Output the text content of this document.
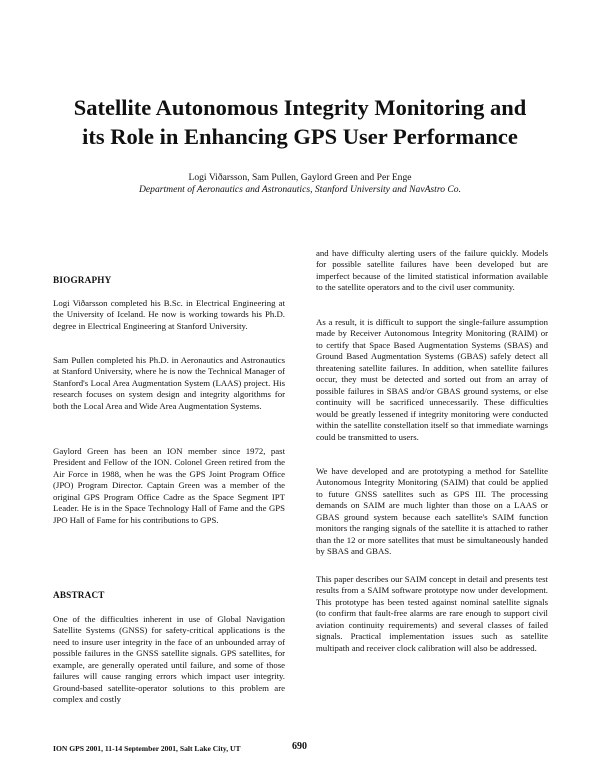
Satellite Autonomous Integrity Monitoring and
its Role in Enhancing GPS User Performance
Logi Viðarsson, Sam Pullen, Gaylord Green and Per Enge
Department of Aeronautics and Astronautics, Stanford University and NavAstro Co.
BIOGRAPHY
Logi Viðarsson completed his B.Sc. in Electrical Engineering at the University of Iceland. He now is working towards his Ph.D. degree in Electrical Engineering at Stanford University.
Sam Pullen completed his Ph.D. in Aeronautics and Astronautics at Stanford University, where he is now the Technical Manager of Stanford's Local Area Augmentation System (LAAS) project. His research focuses on system design and integrity algorithms for both the Local Area and Wide Area Augmentation Systems.
Gaylord Green has been an ION member since 1972, past President and Fellow of the ION. Colonel Green retired from the Air Force in 1988, when he was the GPS Joint Program Office (JPO) Program Director. Captain Green was a member of the original GPS Program Office Cadre as the Space Segment IPT Leader. He is in the Space Technology Hall of Fame and the GPS JPO Hall of Fame for his contributions to GPS.
ABSTRACT
One of the difficulties inherent in use of Global Navigation Satellite Systems (GNSS) for safety-critical applications is the need to insure user integrity in the face of an unbounded array of possible failures in the GNSS satellite signals. GPS satellites, for example, are generally operated until failure, and some of those failures will cause ranging errors which impact user integrity. Ground-based satellite-operator solutions to this problem are complex and costly
and have difficulty alerting users of the failure quickly. Models for possible satellite failures have been developed but are imperfect because of the limited statistical information available to the satellite operators and to the civil user community.
As a result, it is difficult to support the single-failure assumption made by Receiver Autonomous Integrity Monitoring (RAIM) or to certify that Space Based Augmentation Systems (SBAS) and Ground Based Augmentation Systems (GBAS) safely detect all threatening satellite failures. In addition, when satellite failures occur, they must be detected and sorted out from an array of possible failures in SBAS and/or GBAS ground systems, or else continuity will be sacrificed unnecessarily. These difficulties would be greatly lessened if integrity monitoring were conducted within the satellite constellation itself so that immediate warnings could be transmitted to users.
We have developed and are prototyping a method for Satellite Autonomous Integrity Monitoring (SAIM) that could be applied to future GNSS satellites such as GPS III. The processing demands on SAIM are much lighter than those on a LAAS or GBAS ground system because each satellite's SAIM function monitors the ranging signals of the satellite it is attached to rather than the 12 or more satellites that must be simultaneously handed by SBAS and GBAS.
This paper describes our SAIM concept in detail and presents test results from a SAIM software prototype now under development. This prototype has been tested against nominal satellite signals (to confirm that fault-free alarms are rare enough to support civil aviation continuity requirements) and several classes of failed signals. Practical implementation issues such as satellite multipath and receiver clock calibration will also be addressed.
ION GPS 2001, 11-14 September 2001, Salt Lake City, UT	690
